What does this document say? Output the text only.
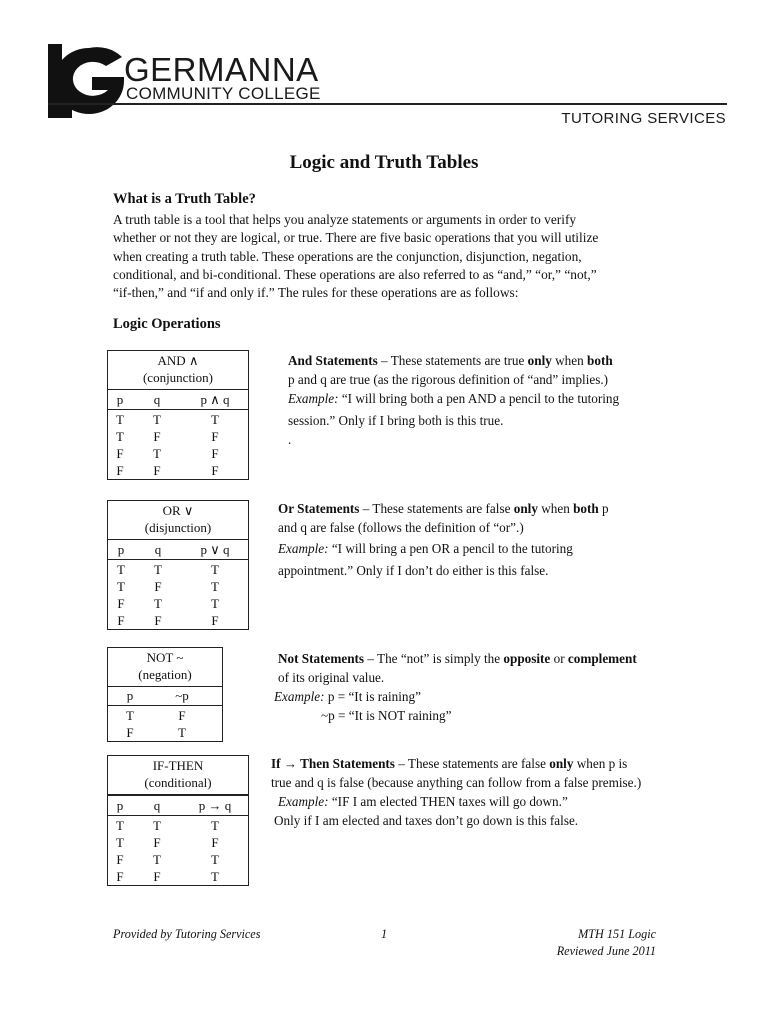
GERMANNA
COMMUNITY COLLEGE
TUTORING SERVICES
Logic and Truth Tables
What is a Truth Table?
A truth table is a tool that helps you analyze statements or arguments in order to verify
whether or not they are logical, or true. There are five basic operations that you will utilize
when creating a truth table. These operations are the conjunction, disjunction, negation,
conditional, and bi-conditional. These operations are also referred to as “and,” “or,” “not,”
“if-then,” and “if and only if.” The rules for these operations are as follows:
Logic Operations
AND ∧
(conjunction)
p	q	p ∧ q
T	T	T
T	F	F
F	T	F
F	F	F
And Statements – These statements are true only when both
p and q are true (as the rigorous definition of “and” implies.)
Example: “I will bring both a pen AND a pencil to the tutoring
session.” Only if I bring both is this true.
.
OR ∨
(disjunction)
p	q	p ∨ q
T	T	T
T	F	T
F	T	T
F	F	F
Or Statements – These statements are false only when both p
and q are false (follows the definition of “or”.)
Example: “I will bring a pen OR a pencil to the tutoring
appointment.” Only if I don’t do either is this false.
NOT ~
(negation)
p	~p
T	F
F	T
Not Statements – The “not” is simply the opposite or complement
of its original value.
Example: p = “It is raining”
~p = “It is NOT raining”
IF-THEN
(conditional)
p	q	p → q
T	T	T
T	F	F
F	T	T
F	F	T
If → Then Statements – These statements are false only when p is
true and q is false (because anything can follow from a false premise.)
Example: “IF I am elected THEN taxes will go down.”
Only if I am elected and taxes don’t go down is this false.
Provided by Tutoring Services	1	MTH 151 Logic
Reviewed June 2011
